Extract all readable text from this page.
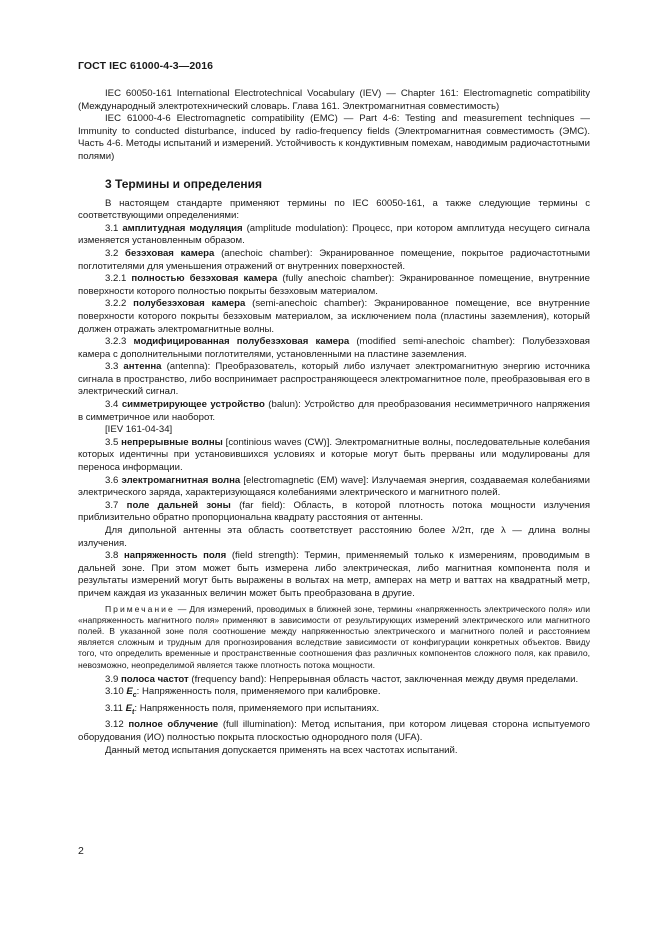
ГОСТ IEC 61000-4-3—2016

IEC 60050-161 International Electrotechnical Vocabulary (IEV) — Chapter 161: Electromagnetic compatibility (Международный электротехнический словарь. Глава 161. Электромагнитная совместимость)

IEC 61000-4-6 Electromagnetic compatibility (EMC) — Part 4-6: Testing and measurement techniques — Immunity to conducted disturbance, induced by radio-frequency fields (Электромагнитная совместимость (ЭМС). Часть 4-6. Методы испытаний и измерений. Устойчивость к кондуктивным помехам, наводимым радиочастотными полями)

3 Термины и определения

В настоящем стандарте применяют термины по IEC 60050-161, а также следующие термины с соответствующими определениями:

3.1 амплитудная модуляция (amplitude modulation): Процесс, при котором амплитуда несущего сигнала изменяется установленным образом.

3.2 безэховая камера (anechoic chamber): Экранированное помещение, покрытое радиочастотными поглотителями для уменьшения отражений от внутренних поверхностей.

3.2.1 полностью безэховая камера (fully anechoic chamber): Экранированное помещение, внутренние поверхности которого полностью покрыты безэховым материалом.

3.2.2 полубезэховая камера (semi-anechoic chamber): Экранированное помещение, все внутренние поверхности которого покрыты безэховым материалом, за исключением пола (пластины заземления), который должен отражать электромагнитные волны.

3.2.3 модифицированная полубезэховая камера (modified semi-anechoic chamber): Полубезэховая камера с дополнительными поглотителями, установленными на пластине заземления.

3.3 антенна (antenna): Преобразователь, который либо излучает электромагнитную энергию источника сигнала в пространство, либо воспринимает распространяющееся электромагнитное поле, преобразовывая его в электрический сигнал.

3.4 симметрирующее устройство (balun): Устройство для преобразования несимметричного напряжения в симметричное или наоборот.

[IEV 161-04-34]

3.5 непрерывные волны [continious waves (CW)]. Электромагнитные волны, последовательные колебания которых идентичны при установившихся условиях и которые могут быть прерваны или модулированы для переноса информации.

3.6 электромагнитная волна [electromagnetic (EM) wave]: Излучаемая энергия, создаваемая колебаниями электрического заряда, характеризующаяся колебаниями электрического и магнитного полей.

3.7 поле дальней зоны (far field): Область, в которой плотность потока мощности излучения приблизительно обратно пропорциональна квадрату расстояния от антенны.

Для дипольной антенны эта область соответствует расстоянию более λ/2π, где λ — длина волны излучения.

3.8 напряженность поля (field strength): Термин, применяемый только к измерениям, проводимым в дальней зоне. При этом может быть измерена либо электрическая, либо магнитная компонента поля и результаты измерений могут быть выражены в вольтах на метр, амперах на метр и ваттах на квадратный метр, причем каждая из указанных величин может быть преобразована в другие.

Примечание — Для измерений, проводимых в ближней зоне, термины «напряженность электрического поля» или «напряженность магнитного поля» применяют в зависимости от результирующих измерений электрического или магнитного полей. В указанной зоне поля соотношение между напряженностью электрического и магнитного полей и расстоянием является сложным и трудным для прогнозирования вследствие зависимости от конфигурации конкретных объектов. Ввиду того, что определить временные и пространственные соотношения фаз различных компонентов сложного поля, как правило, невозможно, неопределимой является также плотность потока мощности.

3.9 полоса частот (frequency band): Непрерывная область частот, заключенная между двумя пределами.

3.10 $E_c$: Напряженность поля, применяемого при калибровке.

3.11 $E_t$: Напряженность поля, применяемого при испытаниях.

3.12 полное облучение (full illumination): Метод испытания, при котором лицевая сторона испытуемого оборудования (ИО) полностью покрыта плоскостью однородного поля (UFA).

Данный метод испытания допускается применять на всех частотах испытаний.

2
